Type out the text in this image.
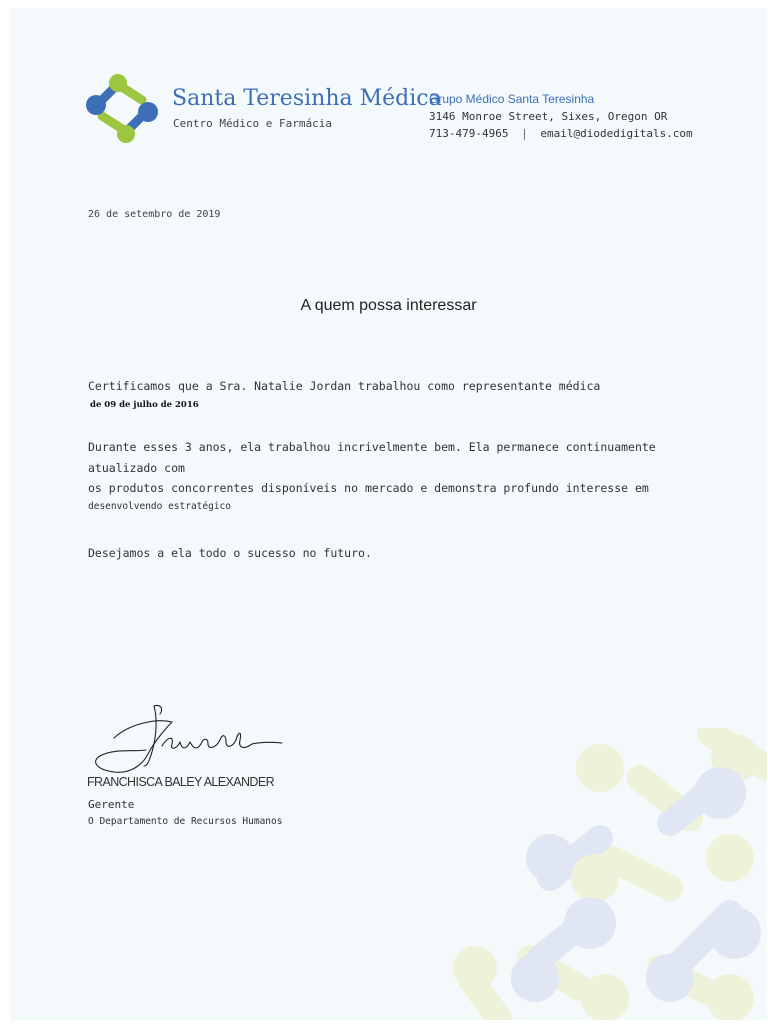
Santa Teresinha Médica
Centro Médico e Farmácia
Grupo Médico Santa Teresinha
3146 Monroe Street, Sixes, Oregon OR
713-479-4965 | email@diodedigitals.com
26 de setembro de 2019
A quem possa interessar
Certificamos que a Sra. Natalie Jordan trabalhou como representante médica
de 09 de julho de 2016
Durante esses 3 anos, ela trabalhou incrivelmente bem. Ela permanece continuamente
atualizado com
os produtos concorrentes disponíveis no mercado e demonstra profundo interesse em
desenvolvendo estratégico
Desejamos a ela todo o sucesso no futuro.
FRANCHISCA BALEY ALEXANDER
Gerente
O Departamento de Recursos Humanos
